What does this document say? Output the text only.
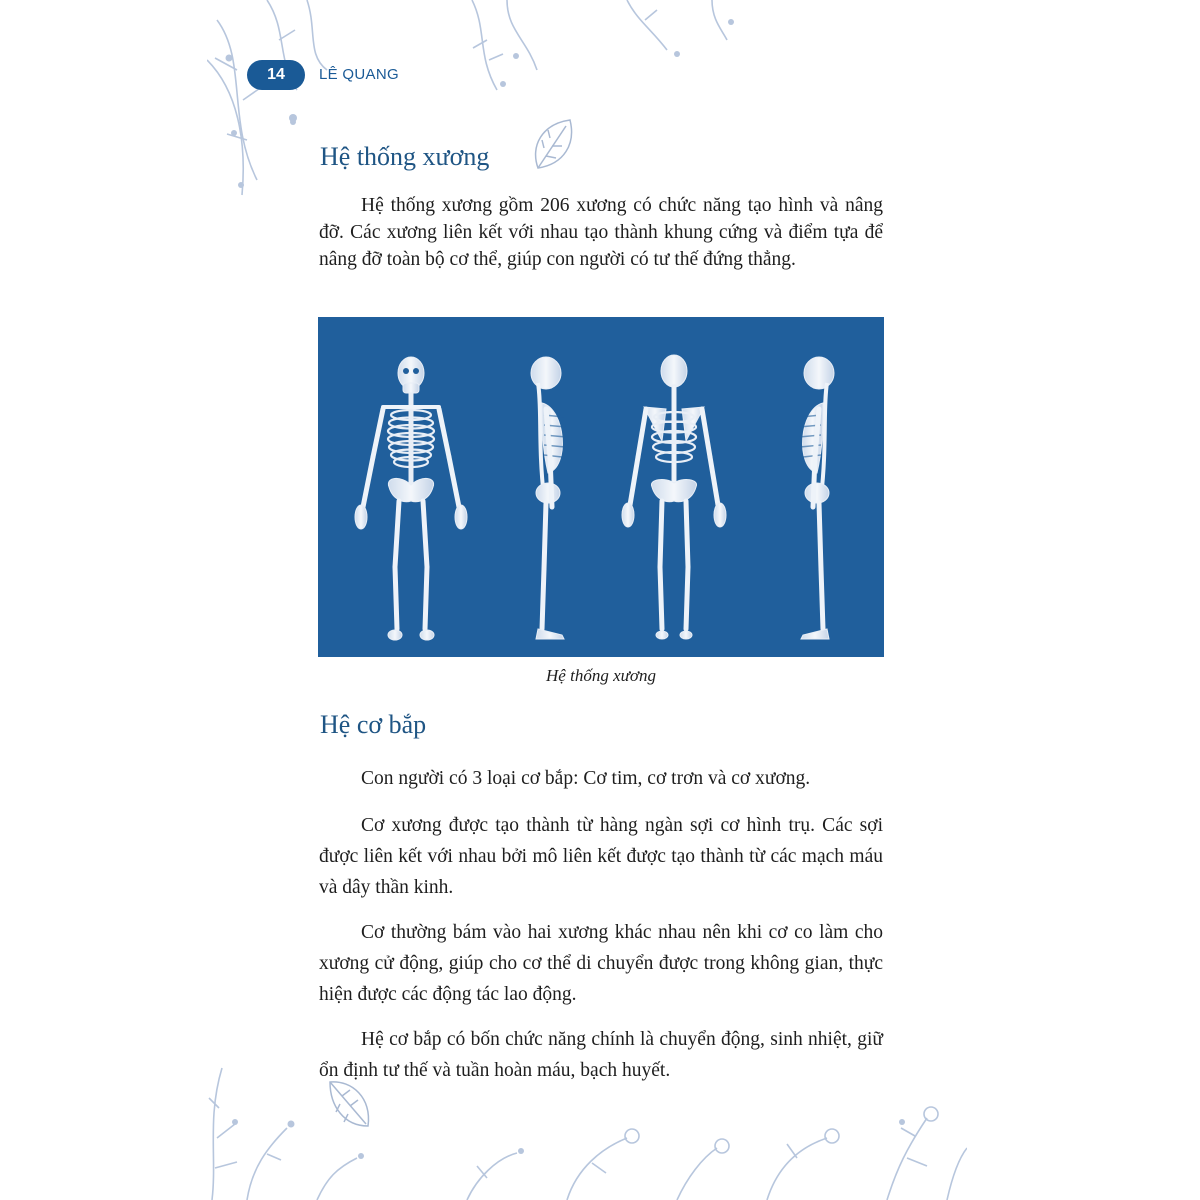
14	LÊ QUANG
Hệ thống xương

Hệ thống xương gồm 206 xương có chức năng tạo hình và nâng đỡ. Các xương liên kết với nhau tạo thành khung cứng và điểm tựa để nâng đỡ toàn bộ cơ thể, giúp con người có tư thế đứng thẳng.

Hệ thống xương
Hệ cơ bắp

Con người có 3 loại cơ bắp: Cơ tim, cơ trơn và cơ xương.

Cơ xương được tạo thành từ hàng ngàn sợi cơ hình trụ. Các sợi được liên kết với nhau bởi mô liên kết được tạo thành từ các mạch máu và dây thần kinh.

Cơ thường bám vào hai xương khác nhau nên khi cơ co làm cho xương cử động, giúp cho cơ thể di chuyển được trong không gian, thực hiện được các động tác lao động.

Hệ cơ bắp có bốn chức năng chính là chuyển động, sinh nhiệt, giữ ổn định tư thế và tuần hoàn máu, bạch huyết.
